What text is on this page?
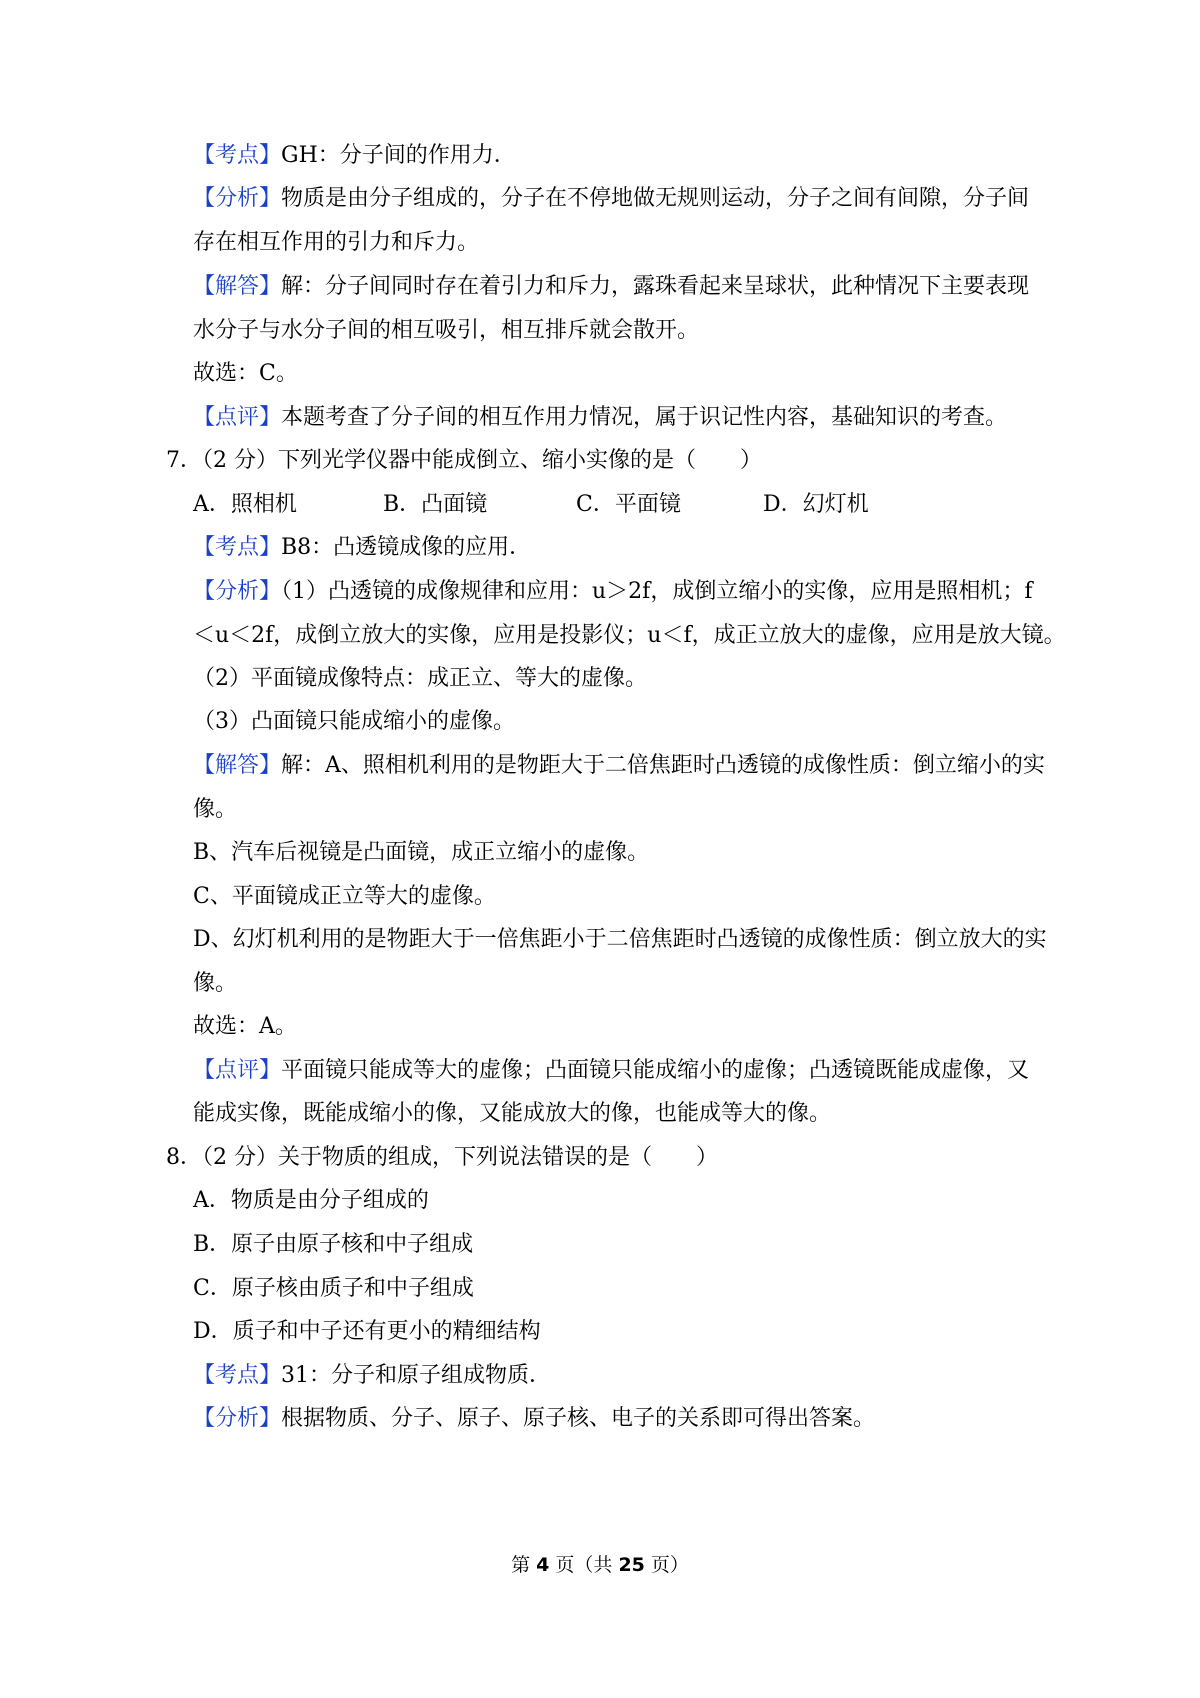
【考点】GH：分子间的作用力．
【分析】物质是由分子组成的，分子在不停地做无规则运动，分子之间有间隙，分子间
存在相互作用的引力和斥力。
【解答】解：分子间同时存在着引力和斥力，露珠看起来呈球状，此种情况下主要表现
水分子与水分子间的相互吸引，相互排斥就会散开。
故选：C。
【点评】本题考查了分子间的相互作用力情况，属于识记性内容，基础知识的考查。
7．（2 分）下列光学仪器中能成倒立、缩小实像的是（　　）
A．照相机	B．凸面镜	C．平面镜	D．幻灯机
【考点】B8：凸透镜成像的应用．
【分析】（1）凸透镜的成像规律和应用：u＞2f，成倒立缩小的实像，应用是照相机；f
＜u＜2f，成倒立放大的实像，应用是投影仪；u＜f，成正立放大的虚像，应用是放大镜。
（2）平面镜成像特点：成正立、等大的虚像。
（3）凸面镜只能成缩小的虚像。
【解答】解：A、照相机利用的是物距大于二倍焦距时凸透镜的成像性质：倒立缩小的实
像。
B、汽车后视镜是凸面镜，成正立缩小的虚像。
C、平面镜成正立等大的虚像。
D、幻灯机利用的是物距大于一倍焦距小于二倍焦距时凸透镜的成像性质：倒立放大的实
像。
故选：A。
【点评】平面镜只能成等大的虚像；凸面镜只能成缩小的虚像；凸透镜既能成虚像，又
能成实像，既能成缩小的像，又能成放大的像，也能成等大的像。
8．（2 分）关于物质的组成，下列说法错误的是（　　）
A．物质是由分子组成的
B．原子由原子核和中子组成
C．原子核由质子和中子组成
D．质子和中子还有更小的精细结构
【考点】31：分子和原子组成物质．
【分析】根据物质、分子、原子、原子核、电子的关系即可得出答案。
第 4 页（共 25 页）
